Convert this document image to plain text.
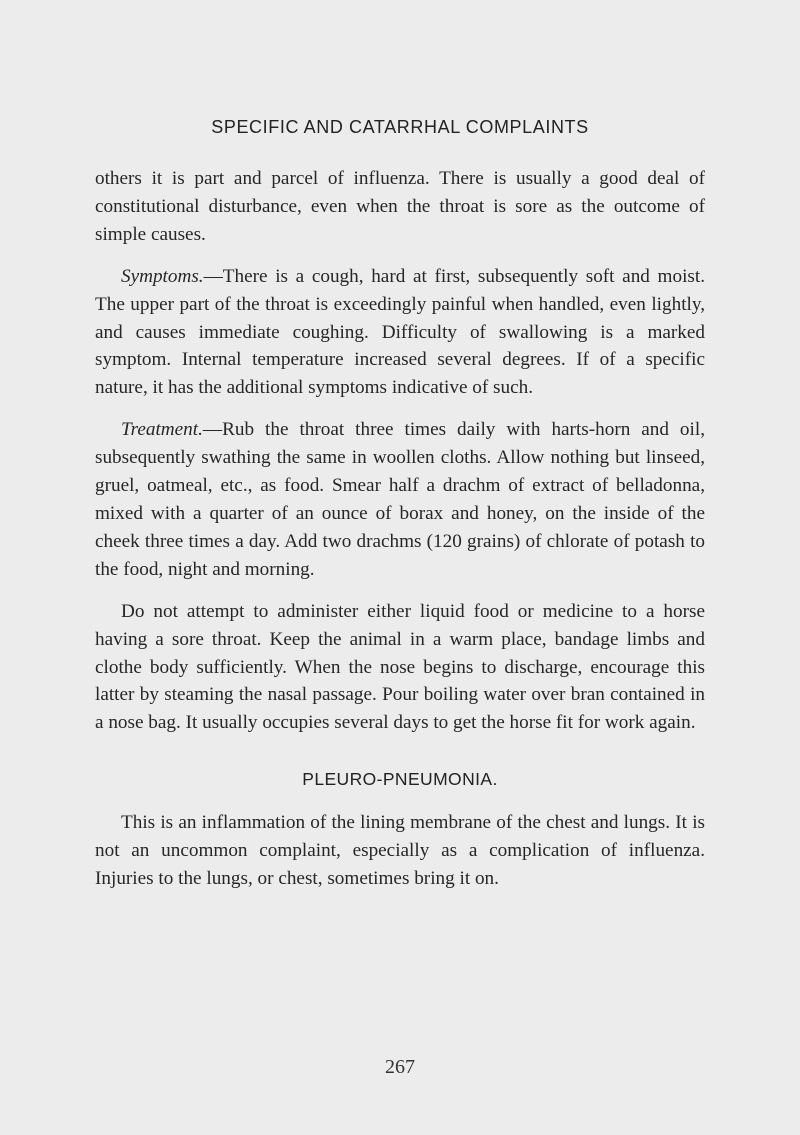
SPECIFIC AND CATARRHAL COMPLAINTS

others it is part and parcel of influenza. There is usually a good deal of constitutional disturbance, even when the throat is sore as the outcome of simple causes.

Symptoms.—There is a cough, hard at first, subsequently soft and moist. The upper part of the throat is exceedingly painful when handled, even lightly, and causes immediate coughing. Difficulty of swallowing is a marked symptom. Internal temperature increased several degrees. If of a specific nature, it has the additional symptoms indicative of such.

Treatment.—Rub the throat three times daily with harts-horn and oil, subsequently swathing the same in woollen cloths. Allow nothing but linseed, gruel, oatmeal, etc., as food. Smear half a drachm of extract of belladonna, mixed with a quarter of an ounce of borax and honey, on the inside of the cheek three times a day. Add two drachms (120 grains) of chlorate of potash to the food, night and morning.

Do not attempt to administer either liquid food or medicine to a horse having a sore throat. Keep the animal in a warm place, bandage limbs and clothe body sufficiently. When the nose begins to discharge, encourage this latter by steaming the nasal passage. Pour boiling water over bran contained in a nose bag. It usually occupies several days to get the horse fit for work again.

PLEURO-PNEUMONIA.

This is an inflammation of the lining membrane of the chest and lungs. It is not an uncommon complaint, especially as a complication of influenza. Injuries to the lungs, or chest, sometimes bring it on.

267
